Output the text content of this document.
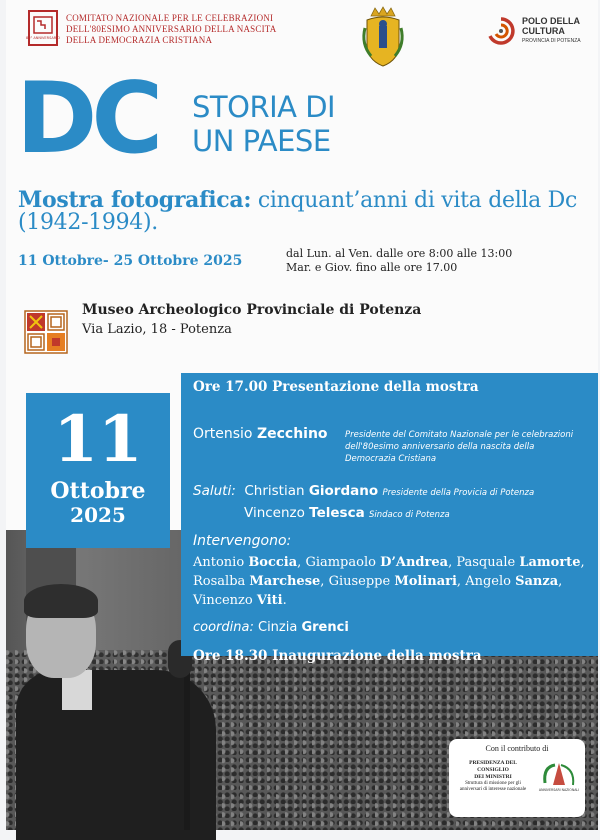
80° ANNIVERSARIO
COMITATO NAZIONALE PER LE CELEBRAZIONI
DELL'80ESIMO ANNIVERSARIO DELLA NASCITA
DELLA DEMOCRAZIA CRISTIANA
POLO DELLA
CULTURA
PROVINCIA DI POTENZA
DC STORIA DI
UN PAESE
Mostra fotografica: cinquant’anni di vita della Dc (1942-1994).
11 Ottobre- 25 Ottobre 2025	dal Lun. al Ven. dalle ore 8:00 alle 13:00
Mar. e Giov. fino alle ore 17.00
Museo Archeologico Provinciale di Potenza
Via Lazio, 18 - Potenza
11
Ottobre
2025
Ore 17.00 Presentazione della mostra
Ortensio Zecchino Presidente del Comitato Nazionale per le celebrazioni dell'80esimo anniversario della nascita della Democrazia Cristiana
Saluti: Christian Giordano Presidente della Provicia di Potenza
Vincenzo Telesca Sindaco di Potenza
Intervengono:
Antonio Boccia, Giampaolo D’Andrea, Pasquale Lamorte, Rosalba Marchese, Giuseppe Molinari, Angelo Sanza, Vincenzo Viti.
coordina: Cinzia Grenci
Ore 18.30 Inaugurazione della mostra
Con il contributo di
PRESIDENZA DEL CONSIGLIO
DEI MINISTRI
Struttura di missione per gli anniversari di interesse nazionale	ANNIVERSARI NAZIONALI
